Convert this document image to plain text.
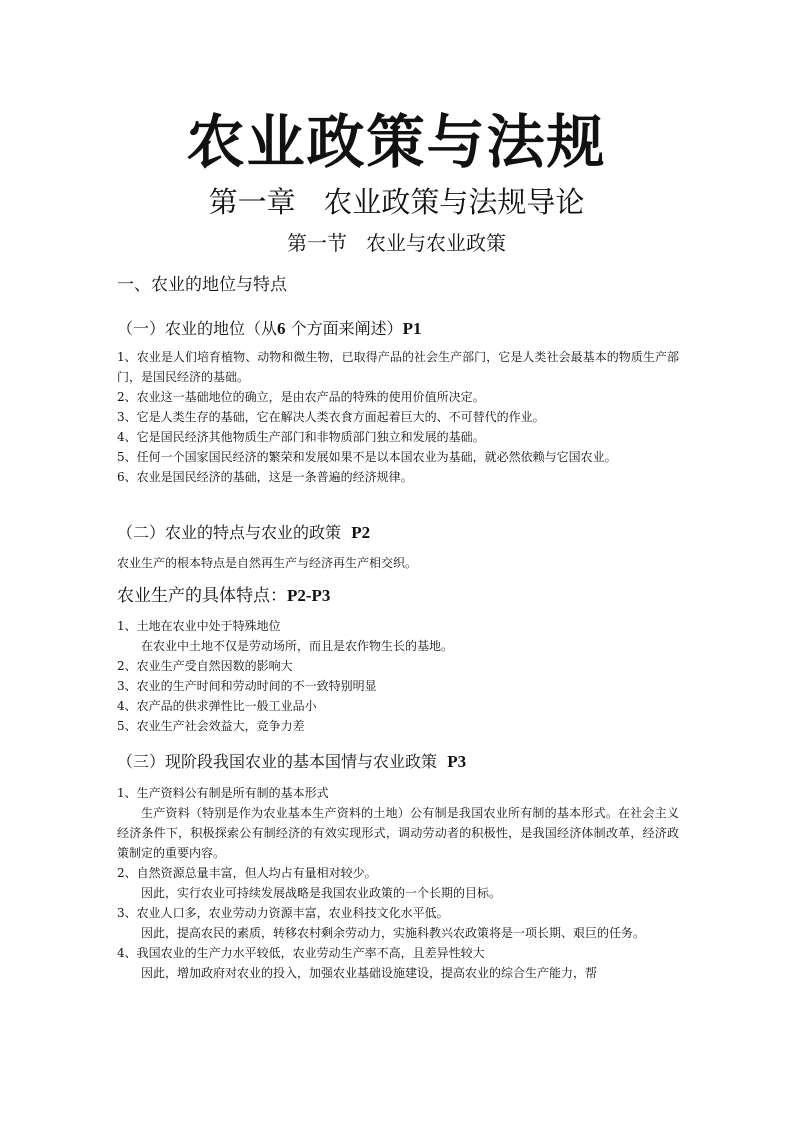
农业政策与法规
第一章   农业政策与法规导论
第一节   农业与农业政策
一、农业的地位与特点
（一）农业的地位（从6 个方面来阐述）P1

1、农业是人们培育植物、动物和微生物，已取得产品的社会生产部门，它是人类社会最基本的物质生产部门，是国民经济的基础。

2、农业这一基础地位的确立，是由农产品的特殊的使用价值所决定。

3、它是人类生存的基础，它在解决人类衣食方面起着巨大的、不可替代的作业。

4、它是国民经济其他物质生产部门和非物质部门独立和发展的基础。

5、任何一个国家国民经济的繁荣和发展如果不是以本国农业为基础，就必然依赖与它国农业。

6、农业是国民经济的基础，这是一条普遍的经济规律。

（二）农业的特点与农业的政策  P2

农业生产的根本特点是自然再生产与经济再生产相交织。

农业生产的具体特点：P2-P3

1、土地在农业中处于特殊地位

在农业中土地不仅是劳动场所，而且是农作物生长的基地。

2、农业生产受自然因数的影响大

3、农业的生产时间和劳动时间的不一致特别明显

4、农产品的供求弹性比一般工业品小

5、农业生产社会效益大，竞争力差

（三）现阶段我国农业的基本国情与农业政策  P3

1、生产资料公有制是所有制的基本形式

生产资料（特别是作为农业基本生产资料的土地）公有制是我国农业所有制的基本形式。在社会主义经济条件下，积极探索公有制经济的有效实现形式，调动劳动者的积极性，是我国经济体制改革，经济政策制定的重要内容。

2、自然资源总量丰富，但人均占有量相对较少。

因此，实行农业可持续发展战略是我国农业政策的一个长期的目标。

3、农业人口多，农业劳动力资源丰富，农业科技文化水平低。

因此，提高农民的素质，转移农村剩余劳动力，实施科教兴农政策将是一项长期、艰巨的任务。

4、我国农业的生产力水平较低，农业劳动生产率不高，且差异性较大

因此，增加政府对农业的投入，加强农业基础设施建设，提高农业的综合生产能力，帮
